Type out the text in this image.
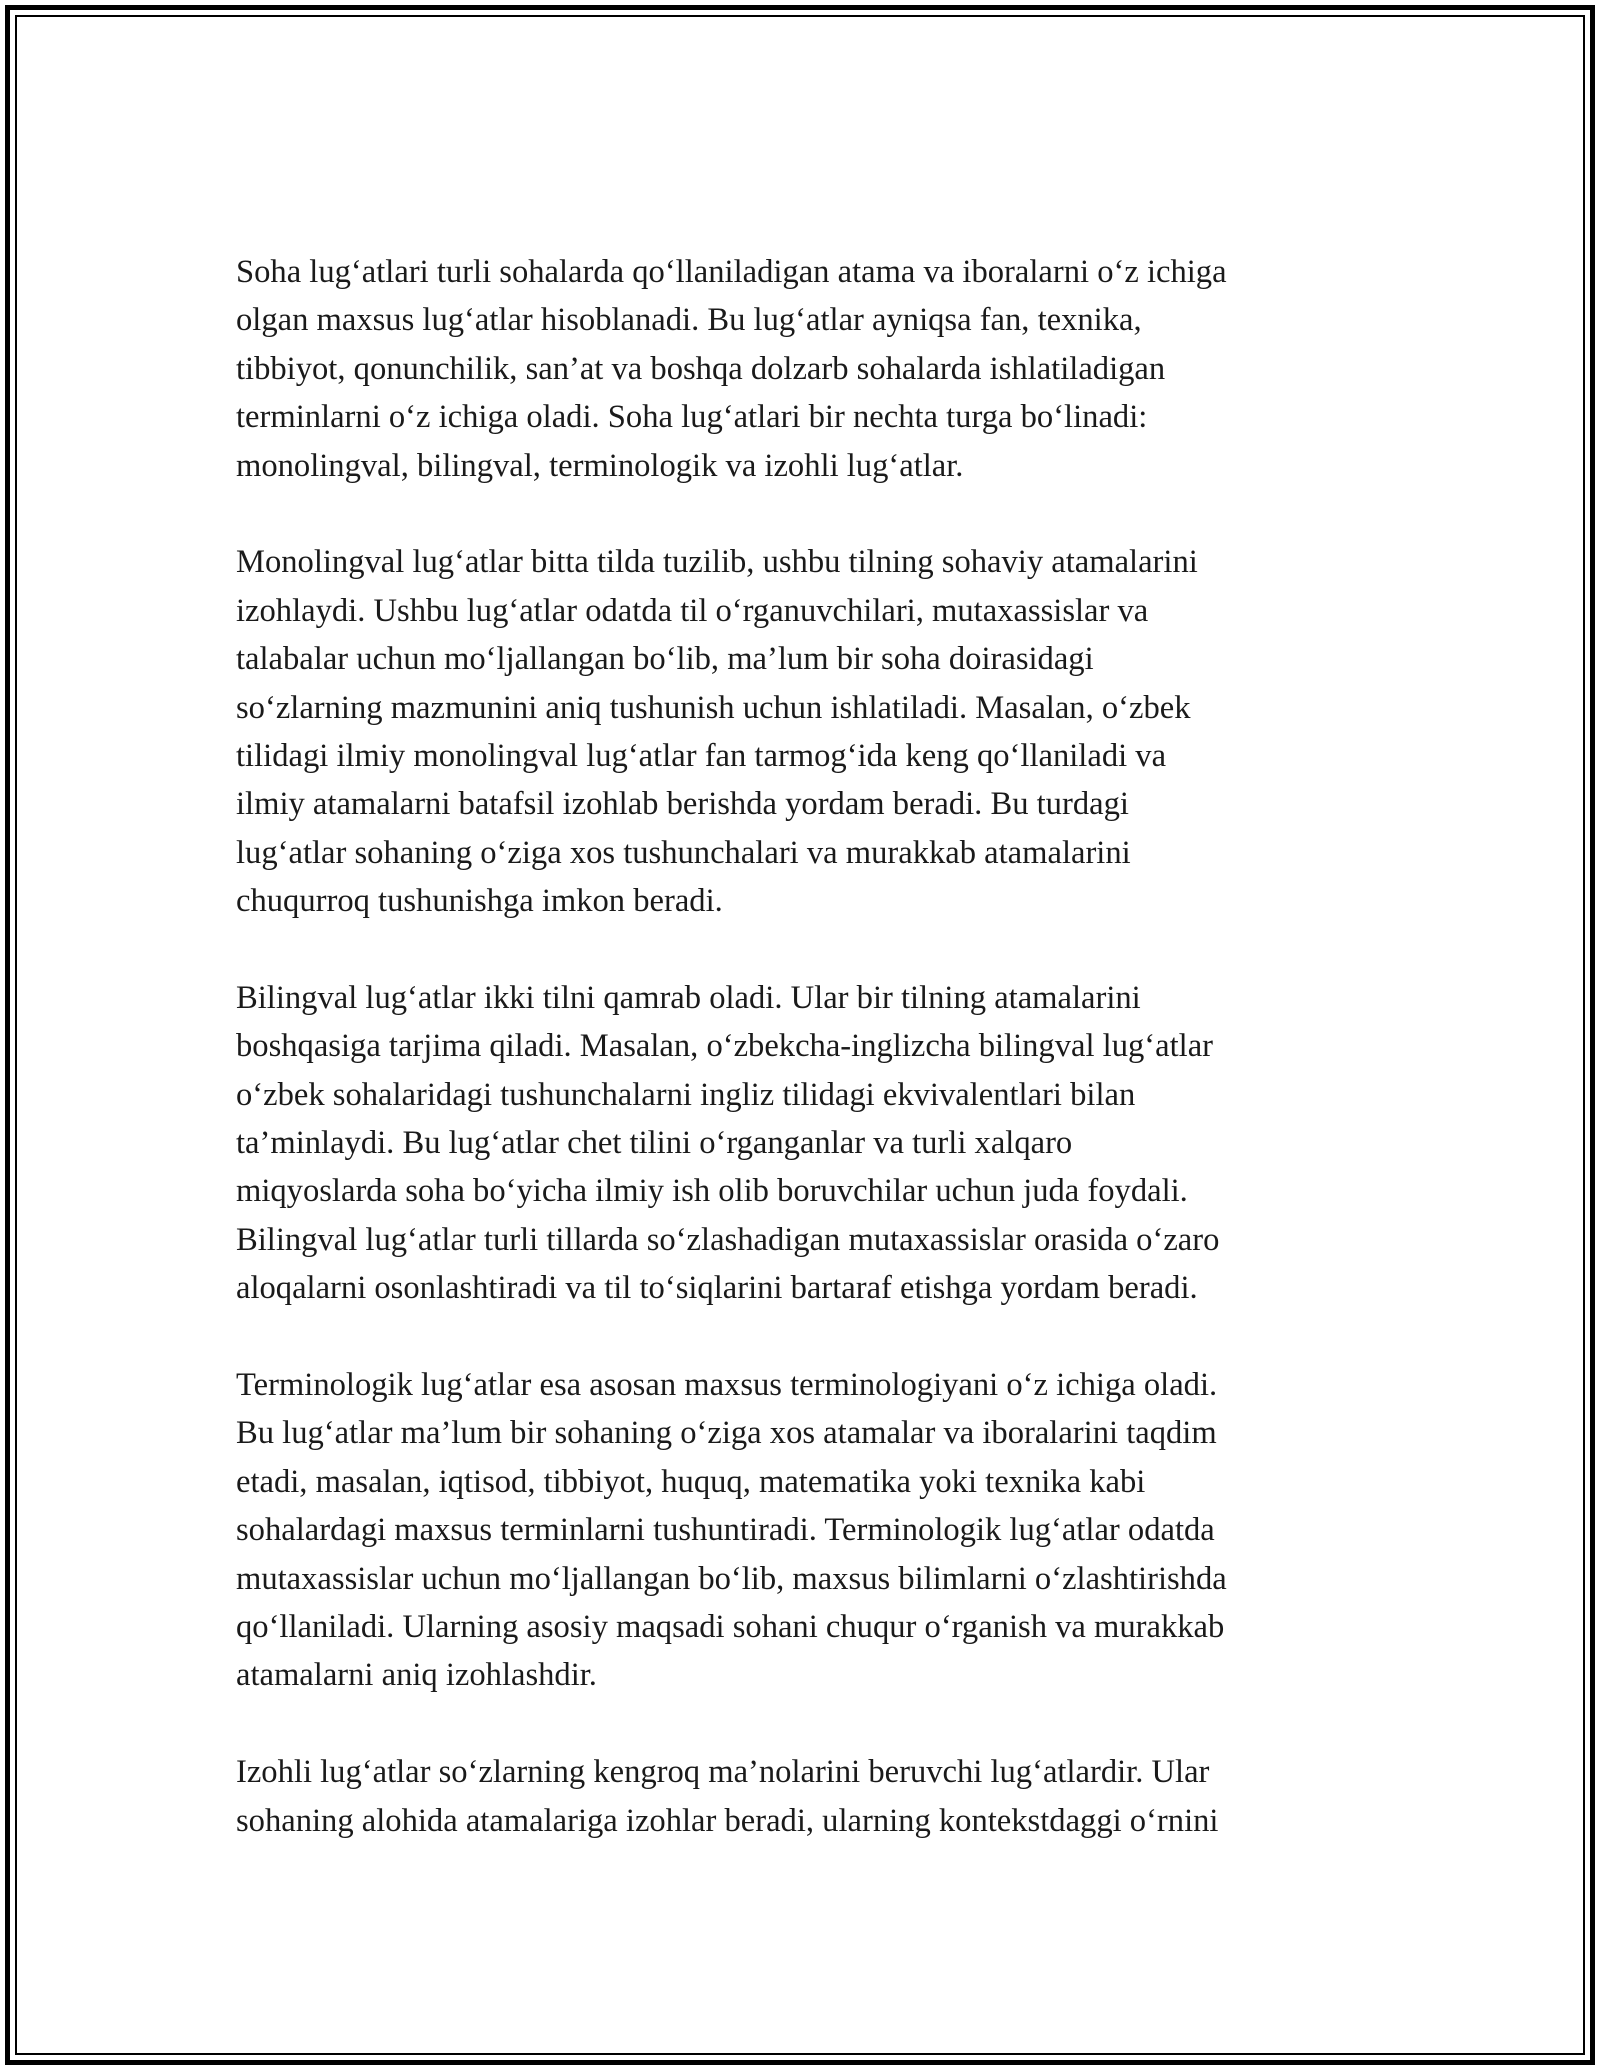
Soha lugʻatlari turli sohalarda qoʻllaniladigan atama va iboralarni oʻz ichiga
olgan maxsus lugʻatlar hisoblanadi. Bu lugʻatlar ayniqsa fan, texnika,
tibbiyot, qonunchilik, san’at va boshqa dolzarb sohalarda ishlatiladigan
terminlarni oʻz ichiga oladi. Soha lugʻatlari bir nechta turga boʻlinadi:
monolingval, bilingval, terminologik va izohli lugʻatlar.
Monolingval lugʻatlar bitta tilda tuzilib, ushbu tilning sohaviy atamalarini
izohlaydi. Ushbu lugʻatlar odatda til oʻrganuvchilari, mutaxassislar va
talabalar uchun moʻljallangan boʻlib, ma’lum bir soha doirasidagi
soʻzlarning mazmunini aniq tushunish uchun ishlatiladi. Masalan, oʻzbek
tilidagi ilmiy monolingval lugʻatlar fan tarmogʻida keng qoʻllaniladi va
ilmiy atamalarni batafsil izohlab berishda yordam beradi. Bu turdagi
lugʻatlar sohaning oʻziga xos tushunchalari va murakkab atamalarini
chuqurroq tushunishga imkon beradi.
Bilingval lugʻatlar ikki tilni qamrab oladi. Ular bir tilning atamalarini
boshqasiga tarjima qiladi. Masalan, oʻzbekcha-inglizcha bilingval lugʻatlar
oʻzbek sohalaridagi tushunchalarni ingliz tilidagi ekvivalentlari bilan
ta’minlaydi. Bu lugʻatlar chet tilini oʻrganganlar va turli xalqaro
miqyoslarda soha boʻyicha ilmiy ish olib boruvchilar uchun juda foydali.
Bilingval lugʻatlar turli tillarda soʻzlashadigan mutaxassislar orasida oʻzaro
aloqalarni osonlashtiradi va til toʻsiqlarini bartaraf etishga yordam beradi.
Terminologik lugʻatlar esa asosan maxsus terminologiyani oʻz ichiga oladi.
Bu lugʻatlar ma’lum bir sohaning oʻziga xos atamalar va iboralarini taqdim
etadi, masalan, iqtisod, tibbiyot, huquq, matematika yoki texnika kabi
sohalardagi maxsus terminlarni tushuntiradi. Terminologik lugʻatlar odatda
mutaxassislar uchun moʻljallangan boʻlib, maxsus bilimlarni oʻzlashtirishda
qoʻllaniladi. Ularning asosiy maqsadi sohani chuqur oʻrganish va murakkab
atamalarni aniq izohlashdir.
Izohli lugʻatlar soʻzlarning kengroq ma’nolarini beruvchi lugʻatlardir. Ular
sohaning alohida atamalariga izohlar beradi, ularning kontekstdaggi oʻrnini
